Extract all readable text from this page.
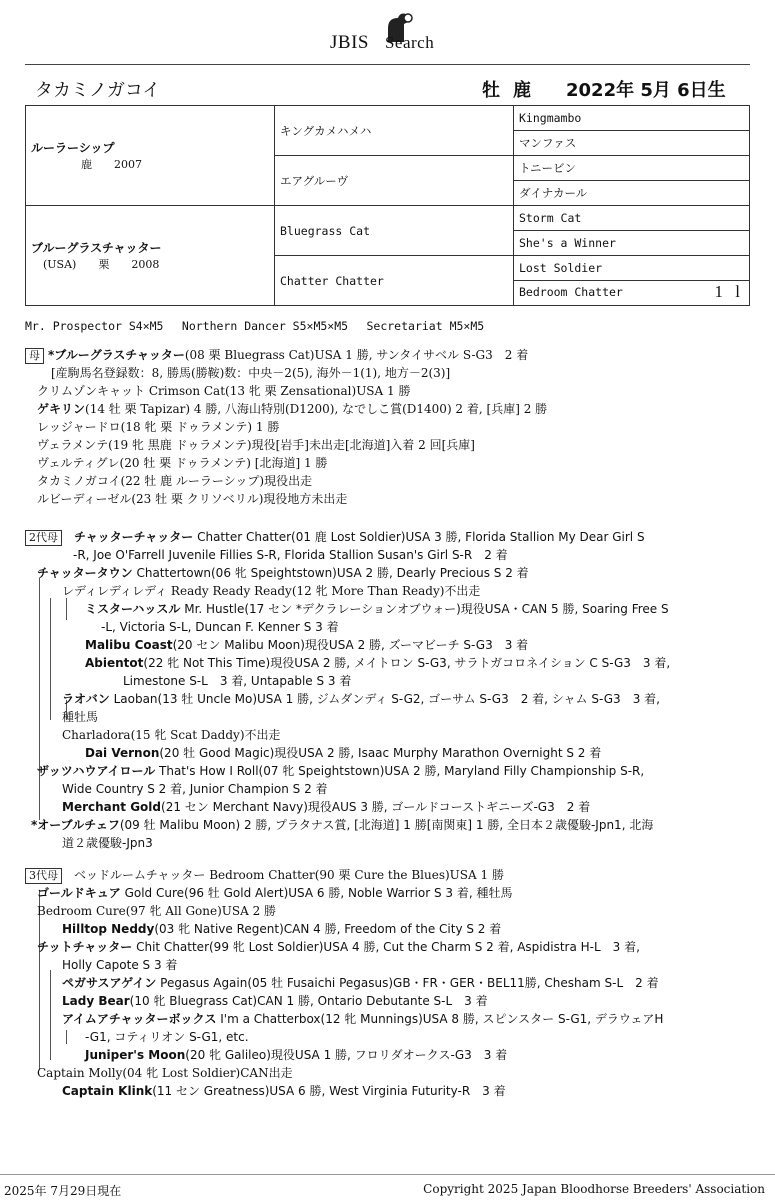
JBIS Search
タカミノガコイ	牡 鹿 2022年 5月 6日生
ルーラーシップ
鹿　　2007	キングカメハメハ	Kingmambo
		マンファス
	エアグルーヴ	トニービン
		ダイナカール

ブルーグラスチャッター
(USA)　　栗　　2008	Bluegrass Cat	Storm Cat
		She's a Winner
	Chatter Chatter	Lost Soldier
		Bedroom Chatter 1 l
Mr. Prospector S4×M5　 Northern Dancer S5×M5×M5　 Secretariat M5×M5
母 *ブルーグラスチャッター(08 栗 Bluegrass Cat)USA 1 勝, サンタイサベル S-G3　2 着
[産駒馬名登録数：8, 勝馬(勝鞍)数：中央－2(5), 海外－1(1), 地方－2(3)]
クリムゾンキャット Crimson Cat(13 牝 栗 Zensational)USA 1 勝
ゲキリン(14 牡 栗 Tapizar) 4 勝, 八海山特別(D1200), なでしこ賞(D1400) 2 着, [兵庫] 2 勝
レッジャードロ(18 牝 栗 ドゥラメンテ) 1 勝
ヴェラメンテ(19 牝 黒鹿 ドゥラメンテ)現役[岩手]未出走[北海道]入着 2 回[兵庫]
ヴェルティグレ(20 牡 栗 ドゥラメンテ) [北海道] 1 勝
タカミノガコイ(22 牡 鹿 ルーラーシップ)現役出走
ルビーディーゼル(23 牡 栗 クリソベリル)現役地方未出走
2代母 チャッターチャッター Chatter Chatter(01 鹿 Lost Soldier)USA 3 勝, Florida Stallion My Dear Girl S
-R, Joe O'Farrell Juvenile Fillies S-R, Florida Stallion Susan's Girl S-R　2 着
チャッタータウン Chattertown(06 牝 Speightstown)USA 2 勝, Dearly Precious S 2 着
レディレディレディ Ready Ready Ready(12 牝 More Than Ready)不出走
ミスターハッスル Mr. Hustle(17 セン *デクラレーションオブウォー)現役USA・CAN 5 勝, Soaring Free S
-L, Victoria S-L, Duncan F. Kenner S 3 着
Malibu Coast(20 セン Malibu Moon)現役USA 2 勝, ズーマビーチ S-G3　3 着
Abientot(22 牝 Not This Time)現役USA 2 勝, メイトロン S-G3, サラトガコロネイション C S-G3　3 着,
Limestone S-L　3 着, Untapable S 3 着
ラオバン Laoban(13 牡 Uncle Mo)USA 1 勝, ジムダンディ S-G2, ゴーサム S-G3　2 着, シャム S-G3　3 着,
種牡馬
Charladora(15 牝 Scat Daddy)不出走
Dai Vernon(20 牡 Good Magic)現役USA 2 勝, Isaac Murphy Marathon Overnight S 2 着
ザッツハウアイロール That's How I Roll(07 牝 Speightstown)USA 2 勝, Maryland Filly Championship S-R,
Wide Country S 2 着, Junior Champion S 2 着
Merchant Gold(21 セン Merchant Navy)現役AUS 3 勝, ゴールドコーストギニーズ-G3　2 着
*オーブルチェフ(09 牡 Malibu Moon) 2 勝, プラタナス賞, [北海道] 1 勝[南関東] 1 勝, 全日本２歳優駿-Jpn1, 北海
道２歳優駿-Jpn3
3代母 ベッドルームチャッター Bedroom Chatter(90 栗 Cure the Blues)USA 1 勝
ゴールドキュア Gold Cure(96 牡 Gold Alert)USA 6 勝, Noble Warrior S 3 着, 種牡馬
Bedroom Cure(97 牝 All Gone)USA 2 勝
Hilltop Neddy(03 牝 Native Regent)CAN 4 勝, Freedom of the City S 2 着
チットチャッター Chit Chatter(99 牝 Lost Soldier)USA 4 勝, Cut the Charm S 2 着, Aspidistra H-L　3 着,
Holly Capote S 3 着
ペガサスアゲイン Pegasus Again(05 牡 Fusaichi Pegasus)GB・FR・GER・BEL11勝, Chesham S-L　2 着
Lady Bear(10 牝 Bluegrass Cat)CAN 1 勝, Ontario Debutante S-L　3 着
アイムアチャッターボックス I'm a Chatterbox(12 牝 Munnings)USA 8 勝, スピンスター S-G1, デラウェアH
-G1, コティリオン S-G1, etc.
Juniper's Moon(20 牝 Galileo)現役USA 1 勝, フロリダオークス-G3　3 着
Captain Molly(04 牝 Lost Soldier)CAN出走
Captain Klink(11 セン Greatness)USA 6 勝, West Virginia Futurity-R　3 着
2025年 7月29日現在	Copyright 2025 Japan Bloodhorse Breeders' Association
